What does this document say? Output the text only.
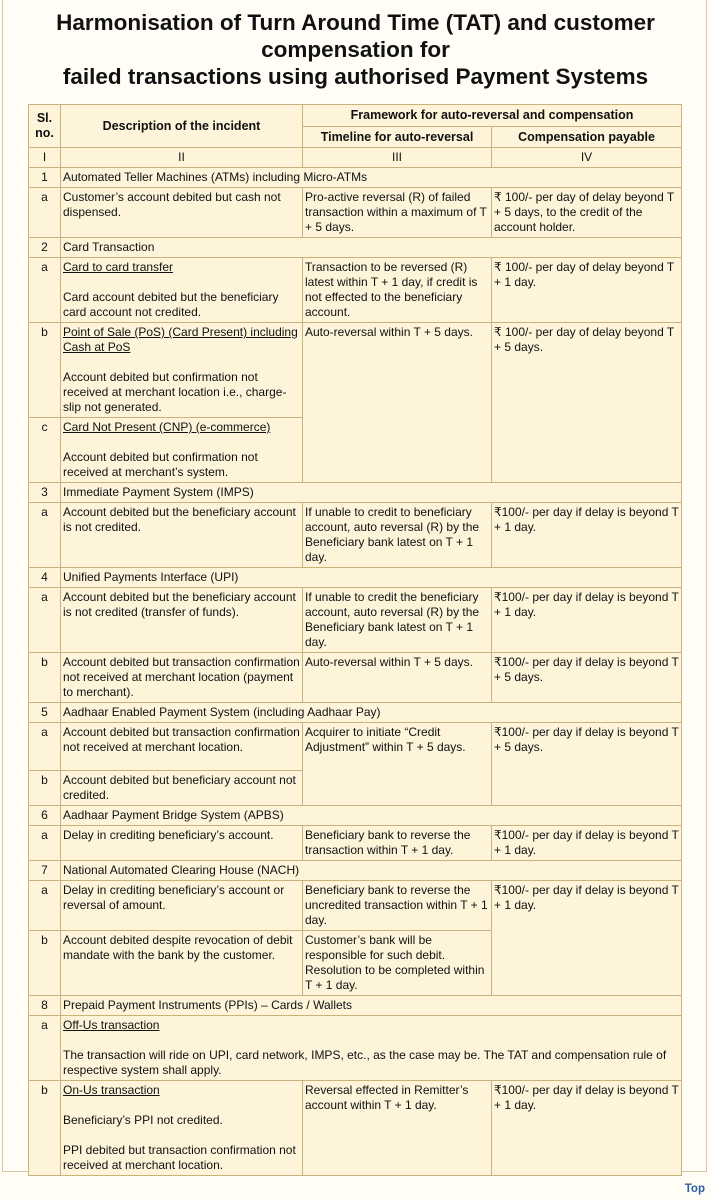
Harmonisation of Turn Around Time (TAT) and customer
compensation for
failed transactions using authorised Payment Systems
Sl. no.	Description of the incident	Framework for auto-reversal and compensation	
		Timeline for auto-reversal	Compensation payable
I	II	III	IV
1	Automated Teller Machines (ATMs) including Micro-ATMs		
a	Customer’s account debited but cash not dispensed.	Pro-active reversal (R) of failed transaction within a maximum of T + 5 days.	₹ 100/- per day of delay beyond T + 5 days, to the credit of the account holder.
2	Card Transaction		
a	Card to card transfer
Card account debited but the beneficiary card account not credited.	Transaction to be reversed (R) latest within T + 1 day, if credit is not effected to the beneficiary account.	₹ 100/- per day of delay beyond T + 1 day.
b	Point of Sale (PoS) (Card Present) including Cash at PoS
Account debited but confirmation not received at merchant location i.e., charge-slip not generated.	Auto-reversal within T + 5 days.	₹ 100/- per day of delay beyond T + 5 days.
c	Card Not Present (CNP) (e-commerce)
Account debited but confirmation not received at merchant’s system.		
3	Immediate Payment System (IMPS)		
a	Account debited but the beneficiary account is not credited.	If unable to credit to beneficiary account, auto reversal (R) by the Beneficiary bank latest on T + 1 day.	₹100/- per day if delay is beyond T + 1 day.
4	Unified Payments Interface (UPI)		
a	Account debited but the beneficiary account is not credited (transfer of funds).	If unable to credit the beneficiary account, auto reversal (R) by the Beneficiary bank latest on T + 1 day.	₹100/- per day if delay is beyond T + 1 day.
b	Account debited but transaction confirmation not received at merchant location (payment to merchant).	Auto-reversal within T + 5 days.	₹100/- per day if delay is beyond T + 5 days.
5	Aadhaar Enabled Payment System (including Aadhaar Pay)		
a	Account debited but transaction confirmation not received at merchant location.	Acquirer to initiate “Credit Adjustment” within T + 5 days.	₹100/- per day if delay is beyond T + 5 days.
b	Account debited but beneficiary account not credited.		
6	Aadhaar Payment Bridge System (APBS)		
a	Delay in crediting beneficiary’s account.	Beneficiary bank to reverse the transaction within T + 1 day.	₹100/- per day if delay is beyond T + 1 day.
7	National Automated Clearing House (NACH)		
a	Delay in crediting beneficiary’s account or reversal of amount.	Beneficiary bank to reverse the uncredited transaction within T + 1 day.	₹100/- per day if delay is beyond T + 1 day.
b	Account debited despite revocation of debit mandate with the bank by the customer.	Customer’s bank will be responsible for such debit. Resolution to be completed within T + 1 day.	
8	Prepaid Payment Instruments (PPIs) – Cards / Wallets		
a	Off-Us transaction
The transaction will ride on UPI, card network, IMPS, etc., as the case may be. The TAT and compensation rule of respective system shall apply.		
b	On-Us transaction
Beneficiary’s PPI not credited.
PPI debited but transaction confirmation not received at merchant location.	Reversal effected in Remitter’s account within T + 1 day.	₹100/- per day if delay is beyond T + 1 day.
Top
